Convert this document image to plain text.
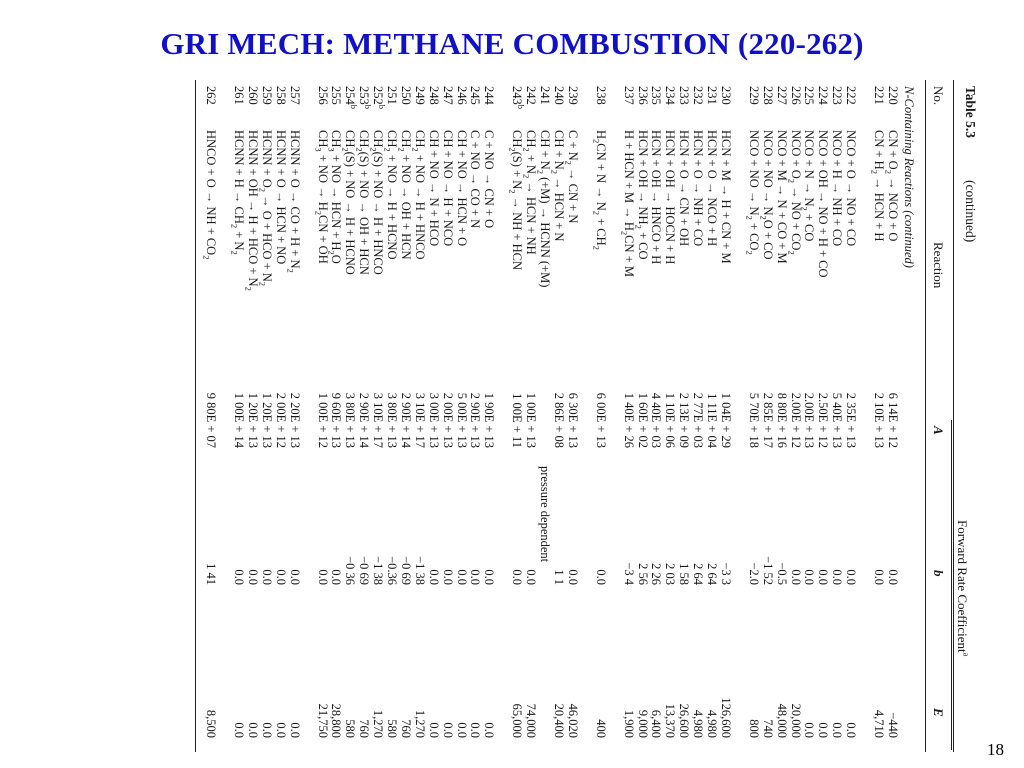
GRI MECH: METHANE COMBUSTION (220-262)
Table 5.3
(continued)
Forward Rate Coefficient$^a$
No.
Reaction
A
b
E
N-Containing Reactions (continued)
220
CN + $O_2$ → NCO + O
6 14E + 12
0.0
−440
221
CN + $H_2$ → HCN + H
2 10E + 13
0.0
4,710
222
NCO + O → NO + CO
2 35E + 13
0.0
0.0
223
NCO + H → NH + CO
5 40E + 13
0.0
0.0
224
NCO + OH → NO + H + CO
2.50E + 12
0.0
0.0
225
NCO + $N \to N_2$ + CO
2.00E + 13
0.0
0.0
226
NCO + $O_2$ → NO + $CO_2$
2.00E + 12
0.0
20,000
227
NCO + M → N + CO + M
8 80E + 16
−0.5
48,000
228
NCO + NO → $N_2O$ + CO
2 85E + 17
−1 52
740
229
NCO + NO → $N_2 + CO_2$
5 70E + 18
−2.0
800
230
HCN + M → H + CN + M
1 04E + 29
−3 3
126,600
231
HCN + O → NCO + H
1 11E + 04
2 64
4,980
232
HCN + O → NH + CO
2 77E + 03
2 64
4,980
233
HCN + O → CN + OH
2 13E + 09
1 58
26,600
234
HCN + OH → HOCN + H
1 10E + 06
2 03
13,370
235
HCN + OH → HNCO + H
4 40E + 03
2 26
6,400
236
HCN + OH → $NH_2$ + CO
1 60E + 02
2 56
9,000
237
H + HCN + $M \to H_2CN + M$
1 40E + 26
−3 4
1,900
238
$H_2CN + N \to N_2 + CH_2$
6 00E + 13
0.0
400
239
$C + N_2$ → CN + N
6 30E + 13
0.0
46,020
240
CH + $N_2$ → HCN + N
2 86E + 08
1 1
20,400
241
CH + $N_2$ (+M) → HCNN (+M)
pressure dependent
242
$CH_2 + N_2$ → HCN + NH
1 00E + 13
0.0
74,000
243$^b$
$CH_2(S) + N_2$ → NH + HCN
1 00E + 11
0.0
65,000
244
C + NO → CN + O
1 90E + 13
0.0
0.0
245
C + NO → CO + N
2 90E + 13
0.0
0.0
246
CH + NO → HCN + O
5 00E + 13
0.0
0.0
247
CH + NO → H + NCO
2 00E + 13
0.0
0.0
248
CH + NO → N + HCO
3 00E + 13
0.0
0.0
249
$CH_2$ + NO → H + HNCO
3 10E + 17
−1 38
1,270
250
$CH_2$ + NO → OH + HCN
2 90E + 14
−0 69
760
251
$CH_2$ + NO → H + HCNO
3 80E + 13
−0.36
580
252$^b$
$CH_2(S)$ + NO → H + HNCO
3 10E + 17
−1 38
1,270
253$^b$
$CH_2(S)$ + NO → OH + HCN
2 90E + 14
−0 69
760
254$^b$
$CH_2(S)$ + NO → H + HCNO
3 80E + 13
−0 36
580
255
$CH_3$ + NO → HCN + $H_2O$
9 60E + 13
0.0
28,800
256
$CH_3$ + NO → $H_2CN$ + OH
1 00E + 12
0.0
21,750
257
HCNN + O → CO + $H + N_2$
2 20E + 13
0.0
0.0
258
HCNN + O → HCN + NO
2 00E + 12
0.0
0.0
259
HCNN + $O_2 \to O$ + HCO + $N_2$
1 20E + 13
0.0
0.0
260
HCNN + OH → H + HCO + $N_2$
1 20E + 13
0.0
0.0
261
HCNN + $H \to CH_2 + N_2$
1 00E + 14
0.0
0.0
262
HNCO + O → NH + $CO_2$
9 80E + 07
1 41
8,500
18
